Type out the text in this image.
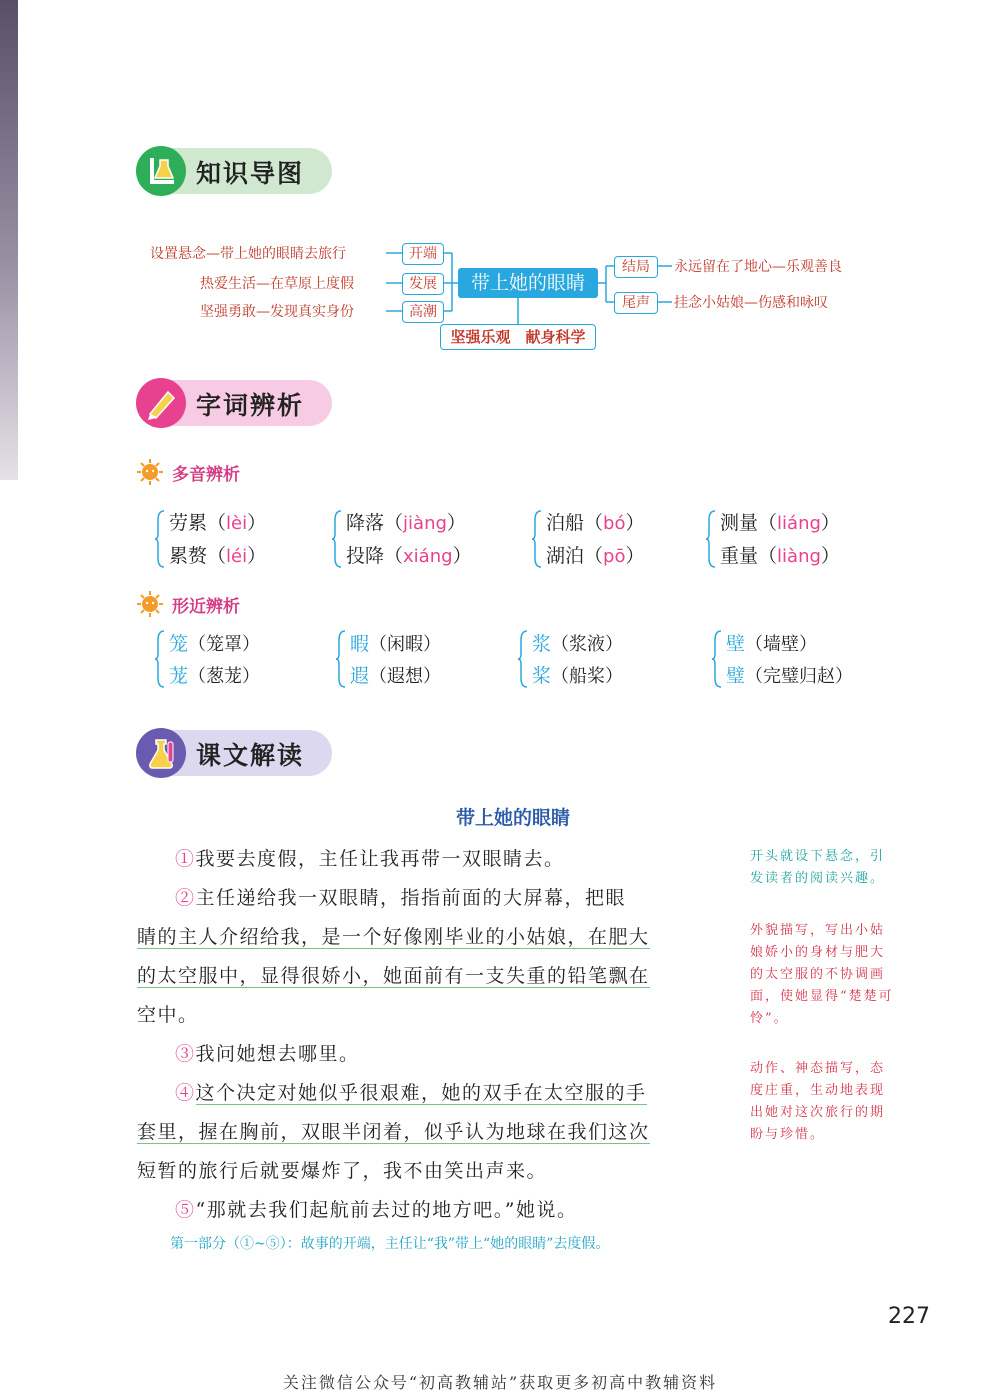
知识导图
设置悬念—带上她的眼睛去旅行	开端
热爱生活—在草原上度假	发展
坚强勇敢—发现真实身份	高潮
带上她的眼睛
结局	永远留在了地心—乐观善良
尾声	挂念小姑娘—伤感和咏叹
坚强乐观　献身科学
字词辨析
多音辨析
劳累（lèi）
累赘（léi）
降落（jiàng）
投降（xiáng）
泊船（bó）
湖泊（pō）
测量（liáng）
重量（liàng）
形近辨析
笼（笼罩）
茏（葱茏）
暇（闲暇）
遐（遐想）
浆（浆液）
桨（船桨）
壁（墙壁）
璧（完璧归赵）
课文解读
带上她的眼睛
①我要去度假，主任让我再带一双眼睛去。
②主任递给我一双眼睛，指指前面的大屏幕，把眼
睛的主人介绍给我，是一个好像刚毕业的小姑娘，在肥大
的太空服中，显得很娇小，她面前有一支失重的铅笔飘在
空中。
③我问她想去哪里。
④这个决定对她似乎很艰难，她的双手在太空服的手
套里，握在胸前，双眼半闭着，似乎认为地球在我们这次
短暂的旅行后就要爆炸了，我不由笑出声来。
⑤“那就去我们起航前去过的地方吧。”她说。
第一部分（①~⑤）：故事的开端，主任让“我”带上“她的眼睛”去度假。
开头就设下悬念，引发读者的阅读兴趣。
外貌描写，写出小姑娘娇小的身材与肥大的太空服的不协调画面，使她显得“楚楚可怜”。
动作、神态描写，态度庄重，生动地表现出她对这次旅行的期盼与珍惜。
227
关注微信公众号“初高教辅站”获取更多初高中教辅资料
